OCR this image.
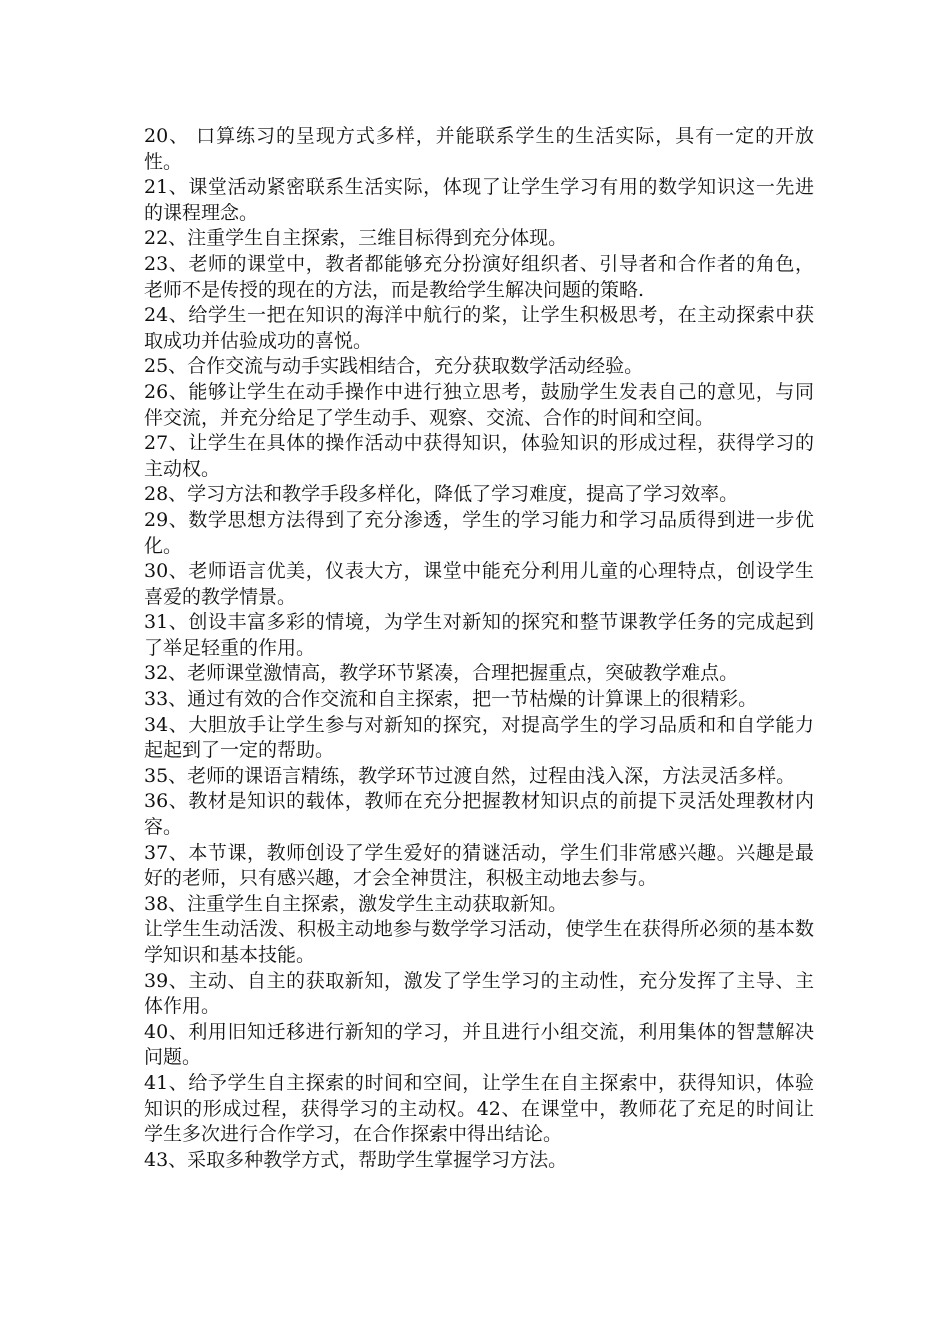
20、 口算练习的呈现方式多样，并能联系学生的生活实际，具有一定的开放性。

21、课堂活动紧密联系生活实际，体现了让学生学习有用的数学知识这一先进的课程理念。

22、注重学生自主探索，三维目标得到充分体现。

23、老师的课堂中，教者都能够充分扮演好组织者、引导者和合作者的角色，老师不是传授的现在的方法，而是教给学生解决问题的策略.

24、给学生一把在知识的海洋中航行的桨，让学生积极思考，在主动探索中获取成功并估验成功的喜悦。

25、合作交流与动手实践相结合，充分获取数学活动经验。

26、能够让学生在动手操作中进行独立思考，鼓励学生发表自己的意见，与同伴交流，并充分给足了学生动手、观察、交流、合作的时间和空间。

27、让学生在具体的操作活动中获得知识，体验知识的形成过程，获得学习的主动权。

28、学习方法和教学手段多样化，降低了学习难度，提高了学习效率。

29、数学思想方法得到了充分渗透，学生的学习能力和学习品质得到进一步优化。

30、老师语言优美，仪表大方，课堂中能充分利用儿童的心理特点，创设学生喜爱的教学情景。

31、创设丰富多彩的情境，为学生对新知的探究和整节课教学任务的完成起到了举足轻重的作用。

32、老师课堂激情高，教学环节紧凑，合理把握重点，突破教学难点。

33、通过有效的合作交流和自主探索，把一节枯燥的计算课上的很精彩。

34、大胆放手让学生参与对新知的探究，对提高学生的学习品质和和自学能力起起到了一定的帮助。

35、老师的课语言精练，教学环节过渡自然，过程由浅入深，方法灵活多样。

36、教材是知识的载体，教师在充分把握教材知识点的前提下灵活处理教材内容。

37、本节课，教师创设了学生爱好的猜谜活动，学生们非常感兴趣。兴趣是最好的老师，只有感兴趣，才会全神贯注，积极主动地去参与。

38、注重学生自主探索，激发学生主动获取新知。

让学生生动活泼、积极主动地参与数学学习活动，使学生在获得所必须的基本数学知识和基本技能。

39、主动、自主的获取新知，激发了学生学习的主动性，充分发挥了主导、主体作用。

40、利用旧知迁移进行新知的学习，并且进行小组交流，利用集体的智慧解决问题。

41、给予学生自主探索的时间和空间，让学生在自主探索中，获得知识，体验知识的形成过程，获得学习的主动权。42、在课堂中，教师花了充足的时间让学生多次进行合作学习，在合作探索中得出结论。

43、采取多种教学方式，帮助学生掌握学习方法。
